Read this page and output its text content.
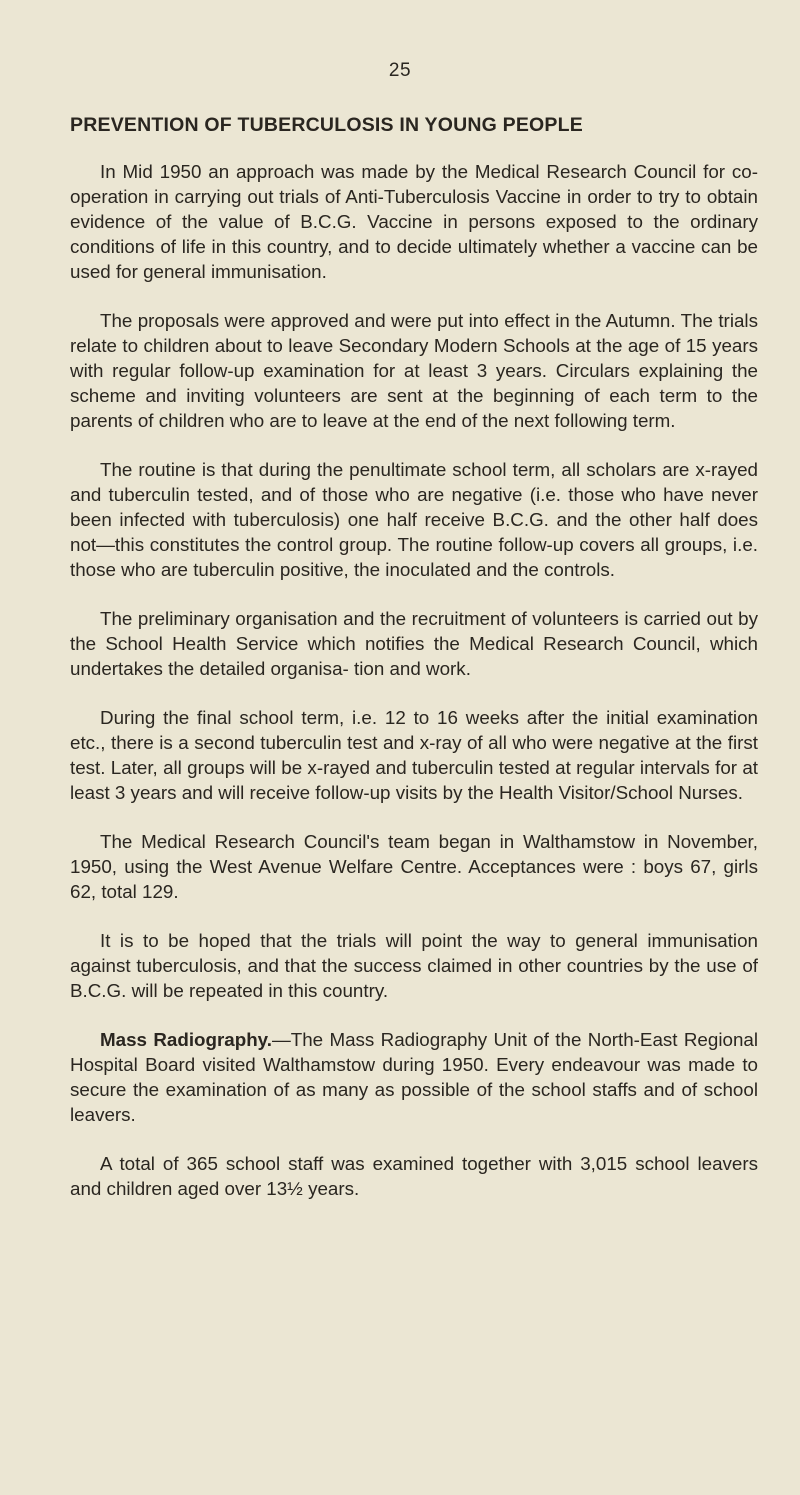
25
PREVENTION OF TUBERCULOSIS IN YOUNG PEOPLE

In Mid 1950 an approach was made by the Medical Research Council for co-operation in carrying out trials of Anti-Tuberculosis Vaccine in order to try to obtain evidence of the value of B.C.G. Vaccine in persons exposed to the ordinary conditions of life in this country, and to decide ultimately whether a vaccine can be used for general immunisation.

The proposals were approved and were put into effect in the Autumn. The trials relate to children about to leave Secondary Modern Schools at the age of 15 years with regular follow-up examination for at least 3 years. Circulars explaining the scheme and inviting volunteers are sent at the beginning of each term to the parents of children who are to leave at the end of the next following term.

The routine is that during the penultimate school term, all scholars are x-rayed and tuberculin tested, and of those who are negative (i.e. those who have never been infected with tuberculosis) one half receive B.C.G. and the other half does not—this constitutes the control group. The routine follow-up covers all groups, i.e. those who are tuberculin positive, the inoculated and the controls.

The preliminary organisation and the recruitment of volunteers is carried out by the School Health Service which notifies the Medical Research Council, which undertakes the detailed organisa- tion and work.

During the final school term, i.e. 12 to 16 weeks after the initial examination etc., there is a second tuberculin test and x-ray of all who were negative at the first test. Later, all groups will be x-rayed and tuberculin tested at regular intervals for at least 3 years and will receive follow-up visits by the Health Visitor/School Nurses.

The Medical Research Council's team began in Walthamstow in November, 1950, using the West Avenue Welfare Centre. Acceptances were : boys 67, girls 62, total 129.

It is to be hoped that the trials will point the way to general immunisation against tuberculosis, and that the success claimed in other countries by the use of B.C.G. will be repeated in this country.

Mass Radiography.—The Mass Radiography Unit of the North-East Regional Hospital Board visited Walthamstow during 1950. Every endeavour was made to secure the examination of as many as possible of the school staffs and of school leavers.

A total of 365 school staff was examined together with 3,015 school leavers and children aged over 13½ years.
